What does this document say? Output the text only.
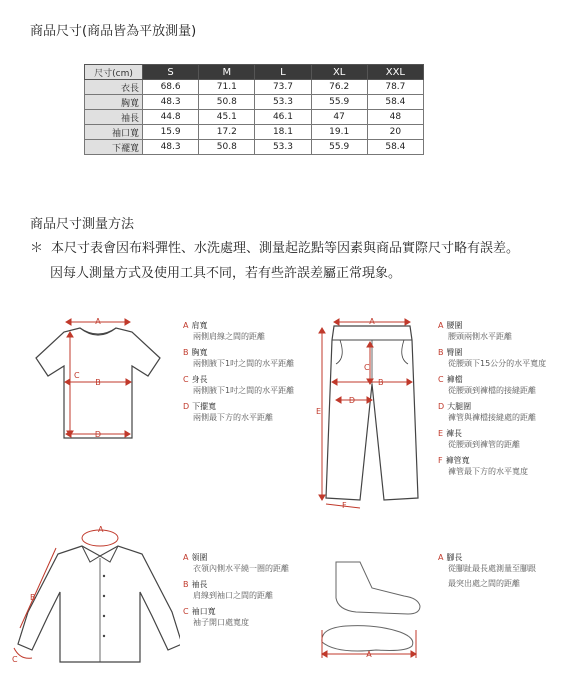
商品尺寸(商品皆為平放測量)
尺寸(cm)	S	M	L	XL	XXL
衣長	68.6	71.1	73.7	76.2	78.7
胸寬	48.3	50.8	53.3	55.9	58.4
袖長	44.8	45.1	46.1	47	48
袖口寬	15.9	17.2	18.1	19.1	20
下襬寬	48.3	50.8	53.3	55.9	58.4
商品尺寸測量方法
＊ 本尺寸表會因布料彈性、水洗處理、測量起訖點等因素與商品實際尺寸略有誤差。
因每人測量方式及使用工具不同，若有些許誤差屬正常現象。
A
B
C
D
A 肩寬
兩側肩線之間的距離
B 胸寬
兩側腋下1吋之間的水平距離
C 身長
兩側腋下1吋之間的水平距離
D 下擺寬
兩側最下方的水平距離
A
B
C
D
E
F
A 腰圍
腰頭兩側水平距離
B 臀圍
從腰頭下15公分的水平寬度
C 褲檔
從腰頭到褲檔的接縫距離
D 大腿圍
褲管與褲檔接縫處的距離
E 褲長
從腰頭到褲管的距離
F 褲管寬
褲管最下方的水平寬度
A
B
C
A 領圍
衣領內側水平繞一圈的距離
B 袖長
肩線到袖口之間的距離
C 袖口寬
袖子開口處寬度
A
A 腳長
從腳趾最長處測量至腳跟
最突出處之間的距離
